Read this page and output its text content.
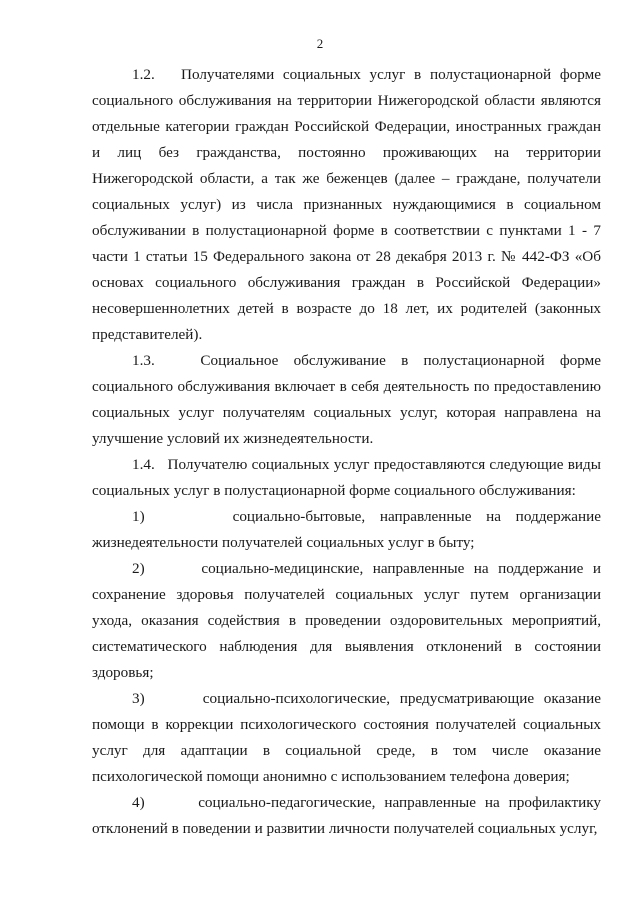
2

1.2.   Получателями социальных услуг в полустационарной форме социального обслуживания на территории Нижегородской области являются отдельные категории граждан Российской Федерации, иностранных граждан и лиц без гражданства, постоянно проживающих на территории Нижегородской области, а так же беженцев (далее – граждане, получатели социальных услуг) из числа признанных нуждающимися в социальном обслуживании в полустационарной форме в соответствии с пунктами 1 - 7 части 1 статьи 15 Федерального закона от 28 декабря 2013 г. № 442-ФЗ «Об основах социального обслуживания граждан в Российской Федерации» несовершеннолетних детей в возрасте до 18 лет, их родителей (законных представителей).

1.3.   Социальное обслуживание в полустационарной форме социального обслуживания включает в себя деятельность по предоставлению социальных услуг получателям социальных услуг, которая направлена на улучшение условий их жизнедеятельности.

1.4.   Получателю социальных услуг предоставляются следующие виды социальных услуг в полустационарной форме социального обслуживания:

1)      социально-бытовые, направленные на поддержание жизнедеятельности получателей социальных услуг в быту;

2)      социально-медицинские, направленные на поддержание и сохранение здоровья получателей социальных услуг путем организации ухода, оказания содействия в проведении оздоровительных мероприятий, систематического наблюдения для выявления отклонений в состоянии здоровья;

3)      социально-психологические, предусматривающие оказание помощи в коррекции психологического состояния получателей социальных услуг для адаптации в социальной среде, в том числе оказание психологической помощи анонимно с использованием телефона доверия;

4)      социально-педагогические, направленные на профилактику отклонений в поведении и развитии личности получателей социальных услуг,
